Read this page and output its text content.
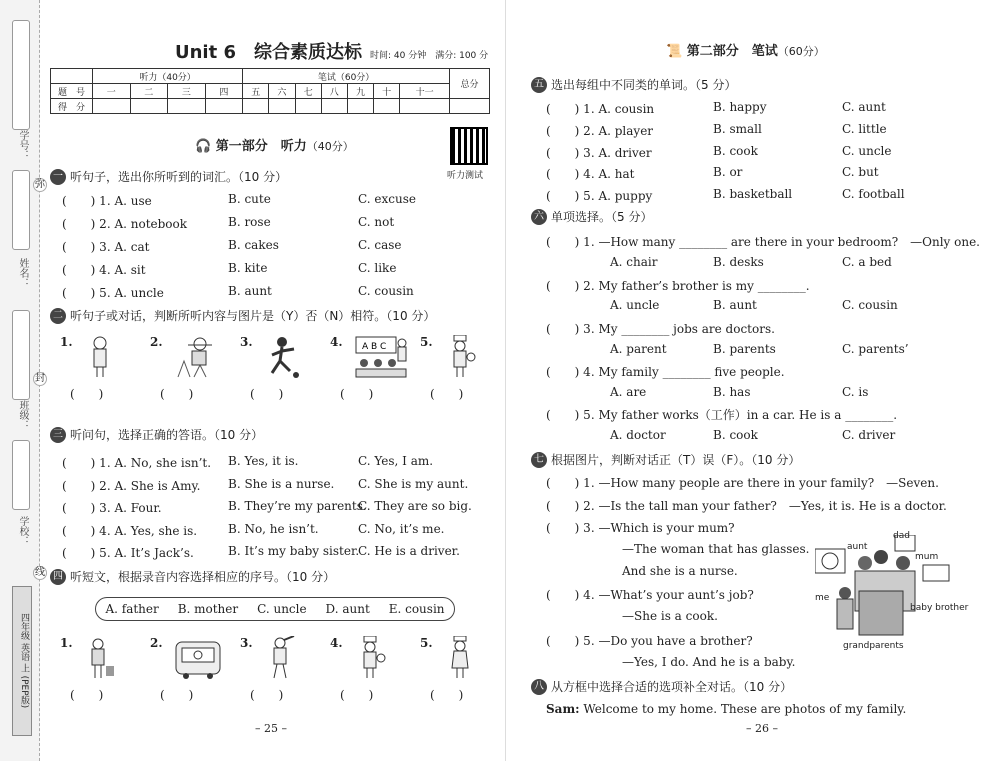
学号：
弥
姓名：
封
班级：
学校：
线
四年级 英语 上 (PEP版)
Unit 6　综合素质达标 时间: 40 分钟　满分: 100 分
	听力（40分）				笔试（60分）							总分
题　号	一	二	三	四	五	六	七	八	九	十	十一	
得　分												
🎧 第一部分　听力（40分）
听力测试
一 听句子，选出你所听到的词汇。（10 分）
(　　) 1. A. use	B. cute	C. excuse
(　　) 2. A. notebook	B. rose	C. not
(　　) 3. A. cat	B. cakes	C. case
(　　) 4. A. sit	B. kite	C. like
(　　) 5. A. uncle	B. aunt	C. cousin
二 听句子或对话，判断所听内容与图片是（Y）否（N）相符。（10 分）
1.
(　　)
2.
(　　)
3.
(　　)
4. A B C
(　　)
5.
(　　)
三 听问句，选择正确的答语。（10 分）
(　　) 1. A. No, she isn’t.	B. Yes, it is.	C. Yes, I am.
(　　) 2. A. She is Amy.	B. She is a nurse.	C. She is my aunt.
(　　) 3. A. Four.	B. They’re my parents.
C. They are so big.
(　　) 4. A. Yes, she is.	B. No, he isn’t.	C. No, it’s me.
(　　) 5. A. It’s Jack’s.	B. It’s my baby sister.
C. He is a driver.
四 听短文，根据录音内容选择相应的序号。（10 分）
A. father B. mother C. uncle D. aunt E. cousin
1.
(　　)
2.
(　　)
3.
(　　)
4.
(　　)
5.
(　　)
– 25 –
📜 第二部分　笔试（60分）
五 选出每组中不同类的单词。（5 分）
(　　) 1. A. cousin	B. happy	C. aunt
(　　) 2. A. player	B. small	C. little
(　　) 3. A. driver	B. cook	C. uncle
(　　) 4. A. hat	B. or	C. but
(　　) 5. A. puppy	B. basketball	C. football
六 单项选择。（5 分）
(　　) 1. —How many ________ are there in your bedroom?　—Only one.
A. chair	B. desks	C. a bed
(　　) 2. My father’s brother is my ________.
A. uncle	B. aunt	C. cousin
(　　) 3. My ________ jobs are doctors.
A. parent	B. parents	C. parents’
(　　) 4. My family ________ five people.
A. are	B. has	C. is
(　　) 5. My father works（工作）in a car. He is a ________.
A. doctor	B. cook	C. driver
七 根据图片，判断对话正（T）误（F）。（10 分）
(　　) 1. —How many people are there in your family?　—Seven.
(　　) 2. —Is the tall man your father?　—Yes, it is. He is a doctor.
(　　) 3. —Which is your mum?
—The woman that has glasses.
And she is a nurse.
(　　) 4. —What’s your aunt’s job?
—She is a cook.
(　　) 5. —Do you have a brother?
—Yes, I do. And he is a baby.
八 从方框中选择合适的选项补全对话。（10 分）
Sam: Welcome to my home. These are photos of my family.
– 26 –
dad
aunt
mum
me
baby brother
grandparents
